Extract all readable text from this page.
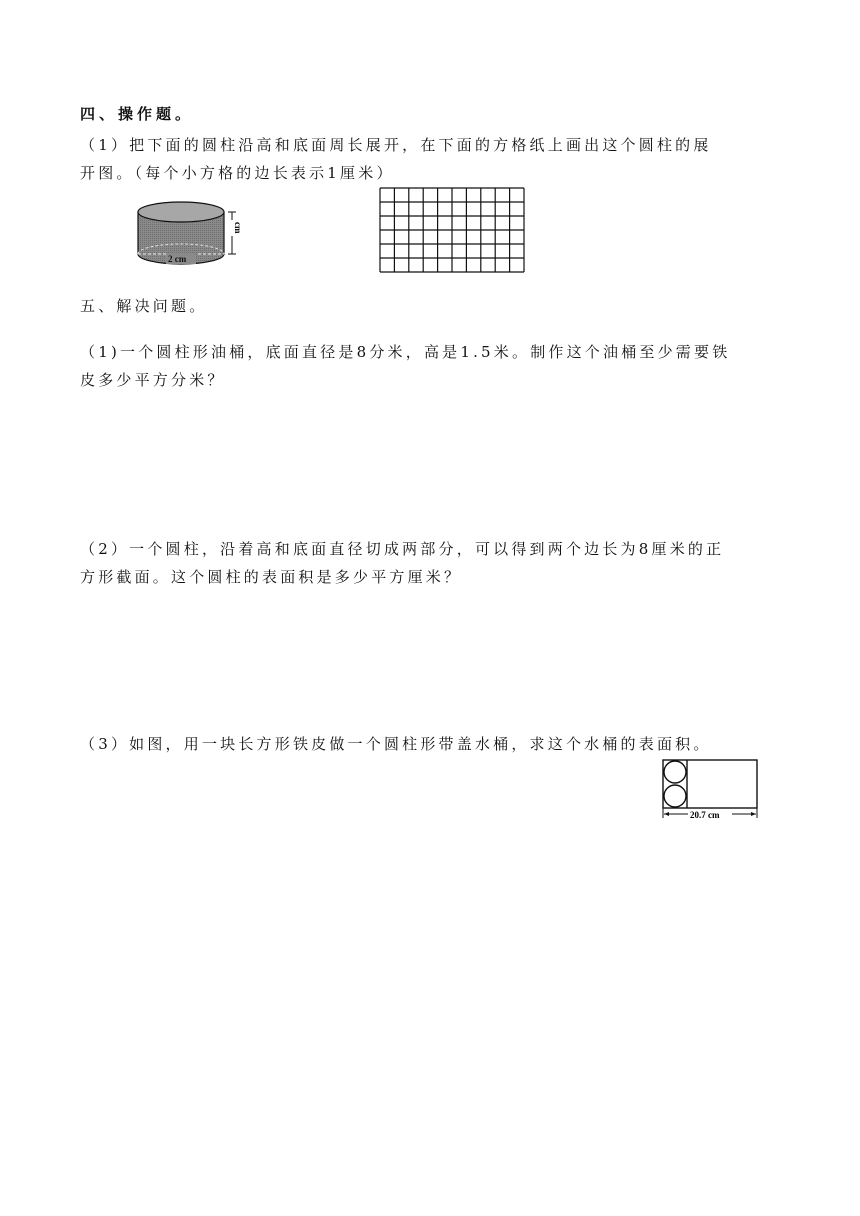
四、操作题。
（1）把下面的圆柱沿高和底面周长展开，在下面的方格纸上画出这个圆柱的展
开图。（每个小方格的边长表示1厘米）
cm
2 cm
五、解决问题。
（1)一个圆柱形油桶，底面直径是8分米，高是1.5米。制作这个油桶至少需要铁
皮多少平方分米？
（2）一个圆柱，沿着高和底面直径切成两部分，可以得到两个边长为8厘米的正
方形截面。这个圆柱的表面积是多少平方厘米？
（3）如图，用一块长方形铁皮做一个圆柱形带盖水桶，求这个水桶的表面积。
20.7 cm
